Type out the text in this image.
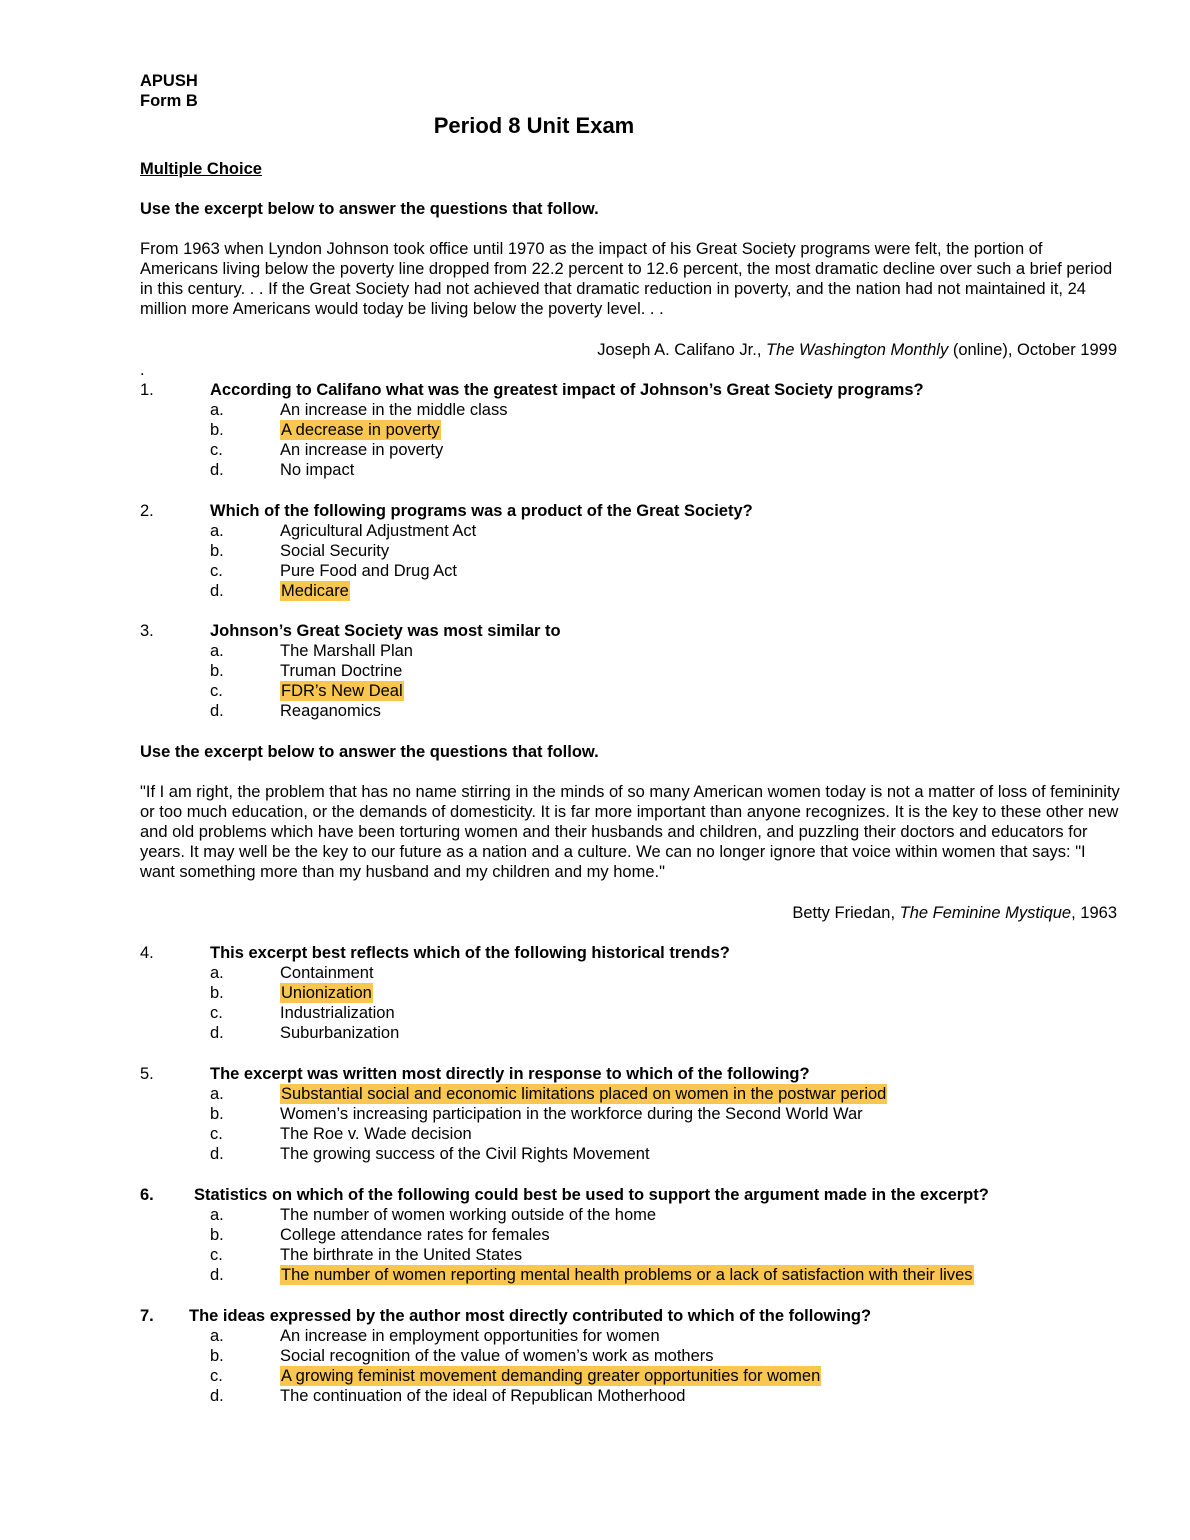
APUSH
Form B
Period 8 Unit Exam
Multiple Choice
Use the excerpt below to answer the questions that follow.
From 1963 when Lyndon Johnson took office until 1970 as the impact of his Great Society programs were felt, the portion of Americans living below the poverty line dropped from 22.2 percent to 12.6 percent, the most dramatic decline over such a brief period in this century. . . If the Great Society had not achieved that dramatic reduction in poverty, and the nation had not maintained it, 24 million more Americans would today be living below the poverty level. . .
Joseph A. Califano Jr., The Washington Monthly (online), October 1999
.
1.	According to Califano what was the greatest impact of Johnson’s Great Society programs?
a.	An increase in the middle class
b.	A decrease in poverty
c.	An increase in poverty
d.	No impact
2.	Which of the following programs was a product of the Great Society?
a.	Agricultural Adjustment Act
b.	Social Security
c.	Pure Food and Drug Act
d.	Medicare
3.	Johnson’s Great Society was most similar to
a.	The Marshall Plan
b.	Truman Doctrine
c.	FDR’s New Deal
d.	Reaganomics
Use the excerpt below to answer the questions that follow.
"If I am right, the problem that has no name stirring in the minds of so many American women today is not a matter of loss of femininity or too much education, or the demands of domesticity. It is far more important than anyone recognizes. It is the key to these other new and old problems which have been torturing women and their husbands and children, and puzzling their doctors and educators for years. It may well be the key to our future as a nation and a culture. We can no longer ignore that voice within women that says: "I want something more than my husband and my children and my home."
Betty Friedan, The Feminine Mystique, 1963
4.	This excerpt best reflects which of the following historical trends?
a.	Containment
b.	Unionization
c.	Industrialization
d.	Suburbanization
5.	The excerpt was written most directly in response to which of the following?
a.	Substantial social and economic limitations placed on women in the postwar period
b.	Women’s increasing participation in the workforce during the Second World War
c.	The Roe v. Wade decision
d.	The growing success of the Civil Rights Movement
6. Statistics on which of the following could best be used to support the argument made in the excerpt?
a.	The number of women working outside of the home
b.	College attendance rates for females
c.	The birthrate in the United States
d.	The number of women reporting mental health problems or a lack of satisfaction with their lives
7. The ideas expressed by the author most directly contributed to which of the following?
a.	An increase in employment opportunities for women
b.	Social recognition of the value of women’s work as mothers
c.	A growing feminist movement demanding greater opportunities for women
d.	The continuation of the ideal of Republican Motherhood
